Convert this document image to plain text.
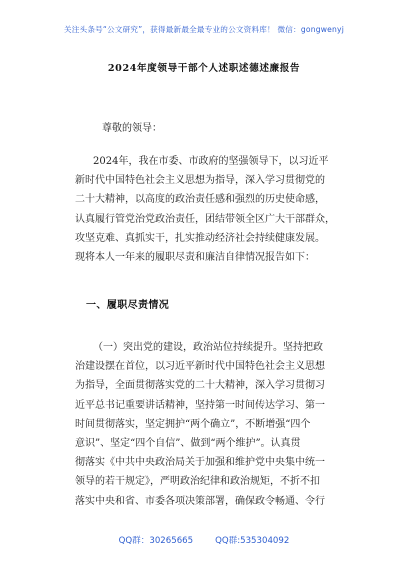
关注头条号“公文研究”，获得最新最全最专业的公文资料库！ 微信：gongwenyj
2024年度领导干部个人述职述德述廉报告
尊敬的领导：
2024年，我在市委、市政府的坚强领导下，以习近平
新时代中国特色社会主义思想为指导，深入学习贯彻党的
二十大精神，以高度的政治责任感和强烈的历史使命感，
认真履行管党治党政治责任，团结带领全区广大干部群众，
攻坚克难、真抓实干，扎实推动经济社会持续健康发展。
现将本人一年来的履职尽责和廉洁自律情况报告如下：
一、履职尽责情况
（一）突出党的建设，政治站位持续提升。坚持把政
治建设摆在首位，以习近平新时代中国特色社会主义思想
为指导，全面贯彻落实党的二十大精神，深入学习贯彻习
近平总书记重要讲话精神，坚持第一时间传达学习、第一
时间贯彻落实，坚定拥护“两个确立”，不断增强“四个
意识”、坚定“四个自信”、做到“两个维护”。认真贯
彻落实《中共中央政治局关于加强和维护党中央集中统一
领导的若干规定》，严明政治纪律和政治规矩，不折不扣
落实中央和省、市委各项决策部署，确保政令畅通、令行
QQ群：30265665	QQ群:535304092
